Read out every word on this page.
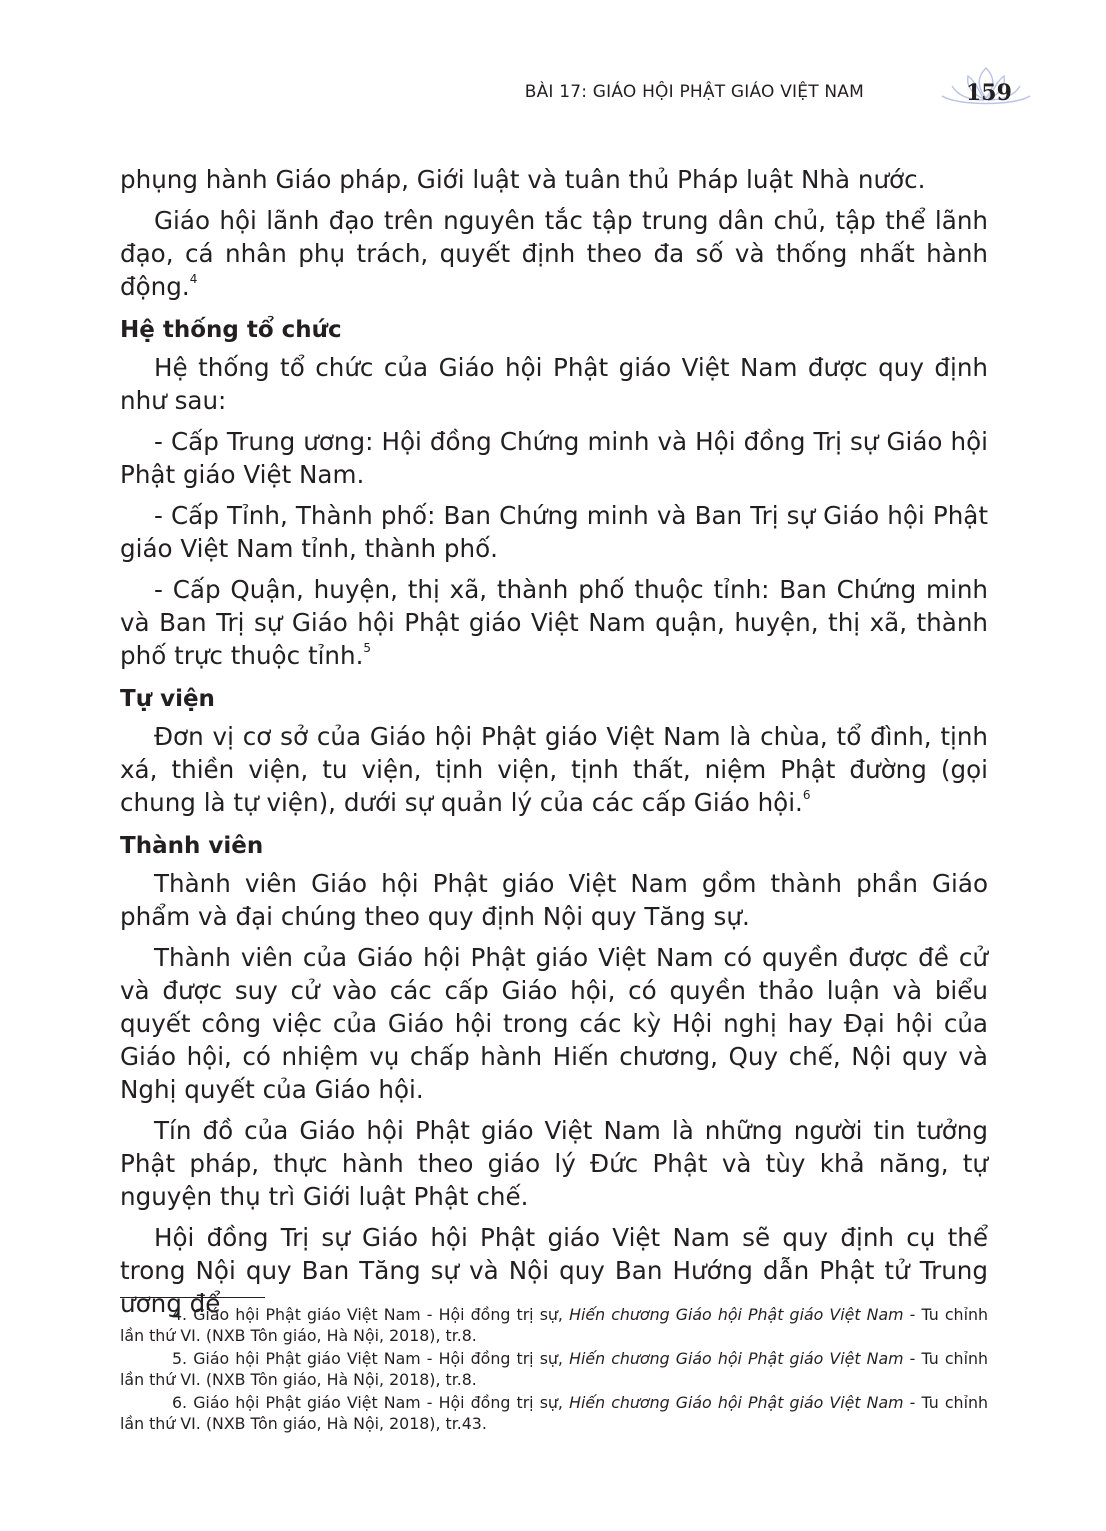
BÀI 17: GIÁO HỘI PHẬT GIÁO VIỆT NAM	159

phụng hành Giáo pháp, Giới luật và tuân thủ Pháp luật Nhà nước.

Giáo hội lãnh đạo trên nguyên tắc tập trung dân chủ, tập thể lãnh đạo, cá nhân phụ trách, quyết định theo đa số và thống nhất hành động.$^4$

Hệ thống tổ chức

Hệ thống tổ chức của Giáo hội Phật giáo Việt Nam được quy định như sau:

- Cấp Trung ương: Hội đồng Chứng minh và Hội đồng Trị sự Giáo hội Phật giáo Việt Nam.

- Cấp Tỉnh, Thành phố: Ban Chứng minh và Ban Trị sự Giáo hội Phật giáo Việt Nam tỉnh, thành phố.

- Cấp Quận, huyện, thị xã, thành phố thuộc tỉnh: Ban Chứng minh và Ban Trị sự Giáo hội Phật giáo Việt Nam quận, huyện, thị xã, thành phố trực thuộc tỉnh.$^5$

Tự viện

Đơn vị cơ sở của Giáo hội Phật giáo Việt Nam là chùa, tổ đình, tịnh xá, thiền viện, tu viện, tịnh viện, tịnh thất, niệm Phật đường (gọi chung là tự viện), dưới sự quản lý của các cấp Giáo hội.$^6$

Thành viên

Thành viên Giáo hội Phật giáo Việt Nam gồm thành phần Giáo phẩm và đại chúng theo quy định Nội quy Tăng sự.

Thành viên của Giáo hội Phật giáo Việt Nam có quyền được đề cử và được suy cử vào các cấp Giáo hội, có quyền thảo luận và biểu quyết công việc của Giáo hội trong các kỳ Hội nghị hay Đại hội của Giáo hội, có nhiệm vụ chấp hành Hiến chương, Quy chế, Nội quy và Nghị quyết của Giáo hội.

Tín đồ của Giáo hội Phật giáo Việt Nam là những người tin tưởng Phật pháp, thực hành theo giáo lý Đức Phật và tùy khả năng, tự nguyện thụ trì Giới luật Phật chế.

Hội đồng Trị sự Giáo hội Phật giáo Việt Nam sẽ quy định cụ thể trong Nội quy Ban Tăng sự và Nội quy Ban Hướng dẫn Phật tử Trung ương để

4. Giáo hội Phật giáo Việt Nam - Hội đồng trị sự, Hiến chương Giáo hội Phật giáo Việt Nam - Tu chỉnh lần thứ VI. (NXB Tôn giáo, Hà Nội, 2018), tr.8.

5. Giáo hội Phật giáo Việt Nam - Hội đồng trị sự, Hiến chương Giáo hội Phật giáo Việt Nam - Tu chỉnh lần thứ VI. (NXB Tôn giáo, Hà Nội, 2018), tr.8.

6. Giáo hội Phật giáo Việt Nam - Hội đồng trị sự, Hiến chương Giáo hội Phật giáo Việt Nam - Tu chỉnh lần thứ VI. (NXB Tôn giáo, Hà Nội, 2018), tr.43.
